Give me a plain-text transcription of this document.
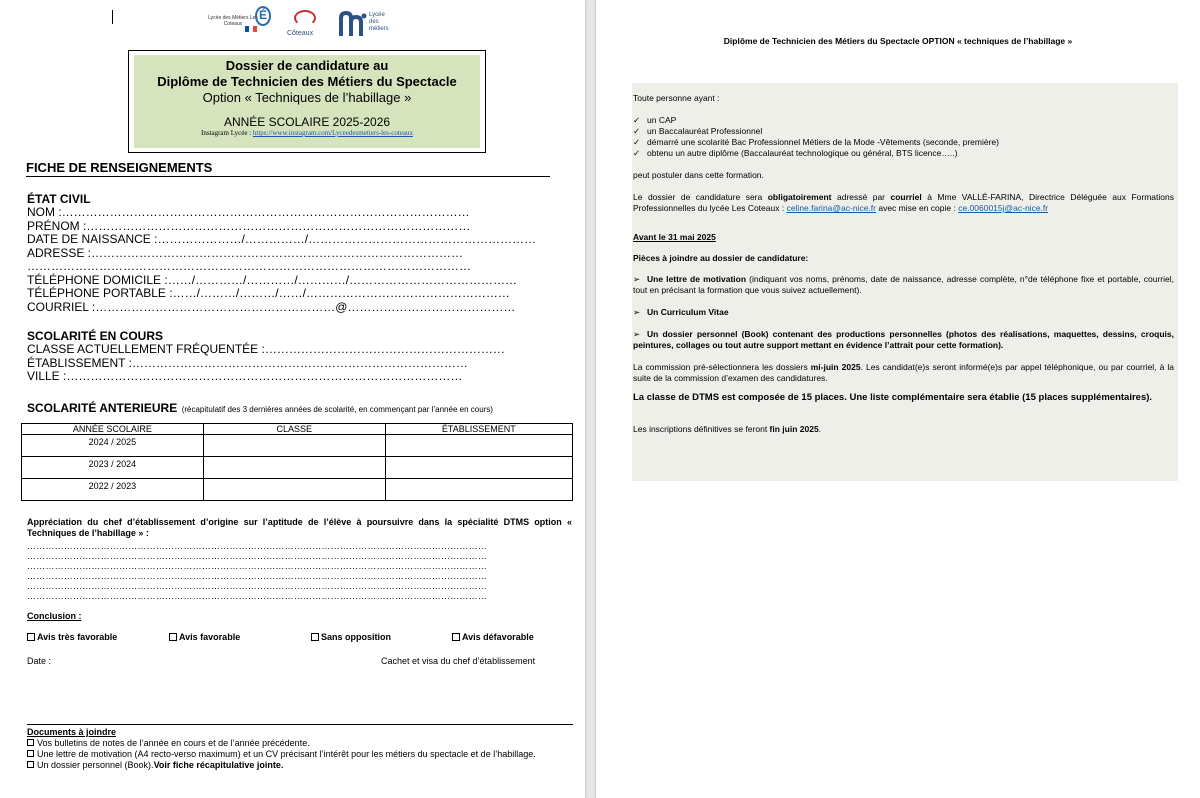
Lycée des Métiers Les Coteaux
É
Côteaux
Lycée des métiers
Dossier de candidature au
Diplôme de Technicien des Métiers du Spectacle
Option « Techniques de l’habillage »
ANNÉE SCOLAIRE 2025-2026
Instagram Lycée : https://www.instagram.com/Lyceedesmetiers-les-coteaux
FICHE DE RENSEIGNEMENTS
ÉTAT CIVIL
NOM :…………………………………………………………………………………………
PRÉNOM :……………………………………………………………………………………
DATE DE NAISSANCE :…………………/……………/…………………………………………………
ADRESSE :…………………………………………………………………………………
…………………………………………………………………………………………………
TÉLÉPHONE DOMICILE :……/…………/…………/…………/……………………………………
TÉLÉPHONE PORTABLE :……/………/………/……/……………………………………………
COURRIEL :……………………………………………………@……………………………………
SCOLARITÉ EN COURS
CLASSE ACTUELLEMENT FRÉQUENTÉE :……………………………………………………
ÉTABLISSEMENT :…………………………………………………………………………
VILLE :………………………………………………………………………………………
SCOLARITÉ ANTERIEURE (récapitulatif des 3 dernières années de scolarité, en commençant par l’année en cours)
ANNÉE SCOLAIRE	CLASSE	ÉTABLISSEMENT
2024 / 2025		
2023 / 2024		
2022 / 2023		
Appréciation du chef d’établissement d’origine sur l’aptitude de l’élève à poursuivre dans la spécialité DTMS option « Techniques de l’habillage » :
……………………………………………………………………………………………………………………………………
……………………………………………………………………………………………………………………………………
……………………………………………………………………………………………………………………………………
……………………………………………………………………………………………………………………………………
……………………………………………………………………………………………………………………………………
……………………………………………………………………………………………………………………………………
Conclusion :
Avis très favorable	Avis favorable	Sans opposition	Avis défavorable
Date :	Cachet et visa du chef d’établissement
Documents à joindre
Vos bulletins de notes de l’année en cours et de l’année précédente.
Une lettre de motivation (A4 recto-verso maximum) et un CV précisant l’intérêt pour les métiers du spectacle et de l’habillage.
Un dossier personnel (Book).Voir fiche récapitulative jointe.
Diplôme de Technicien des Métiers du Spectacle OPTION « techniques de l’habillage »

Toute personne ayant :

✓ un CAP
✓ un Baccalauréat Professionnel
✓ démarré une scolarité Bac Professionnel Métiers de la Mode -Vêtements (seconde, première)
✓ obtenu un autre diplôme (Baccalauréat technologique ou général, BTS licence…..)

peut postuler dans cette formation.

Le dossier de candidature sera obligatoirement adressé par courriel à Mme VALLÉ-FARINA, Directrice Déléguée aux Formations Professionnelles du lycée Les Coteaux : celine.farina@ac-nice.fr avec mise en copie : ce.0060015j@ac-nice.fr

Avant le 31 mai 2025

Pièces à joindre au dossier de candidature:

➢ Une lettre de motivation (indiquant vos noms, prénoms, date de naissance, adresse complète, n°de téléphone fixe et portable, courriel, tout en précisant la formation que vous suivez actuellement).
➢ Un Curriculum Vitae
➢ Un dossier personnel (Book) contenant des productions personnelles (photos des réalisations, maquettes, dessins, croquis, peintures, collages ou tout autre support mettant en évidence l’attrait pour cette formation).

La commission pré-sélectionnera les dossiers mi-juin 2025. Les candidat(e)s seront informé(e)s par appel téléphonique, ou par courriel, à la suite de la commission d’examen des candidatures.

La classe de DTMS est composée de 15 places. Une liste complémentaire sera établie (15 places supplémentaires).

Les inscriptions définitives se feront fin juin 2025.
